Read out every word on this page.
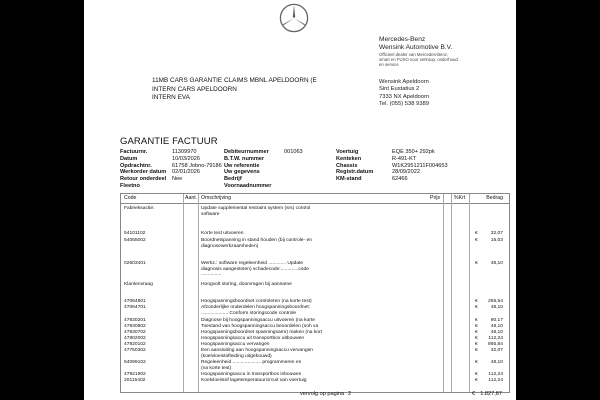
Mercedes-Benz
Wensink Automotive B.V.
Officieel dealer van Mercedes-Benz,
smart en FUSO voor verkoop, onderhoud
en service
Wensink Apeldoorn
Sint Eustatius 2
7333 NX Apeldoorn
Tel. (055) 538 9389
11MB CARS GARANTIE CLAIMS MBNL APELDOORN (E
INTERN CARS APELDOORN
INTERN EVA
GARANTIE FACTUUR
Factuurnr.	11309970
Datum	10/03/2026
Opdrachtnr.	61758 Jobno-79186
Werkorder datum 02/01/2026
Retour onderdeel Nee
Fleetno
Debiteurnummer	001063
B.T.W. nummer
Uw referentie
Uw gegevens
Bedrijf
Voornaadnummer
Voertuig	EQE 350+ 292pk
Kenteken	R-491-KT
Chassis	W1K2951211F004653
Registr.datum	28/09/2022
KM-stand	62466
Code	Aant. Omschrijving	Prijs	%Krt	Bedrag
Fabrieksactie:	Update supplemental restraint system (srs) control
software
54101102	Korte test uitvoeren	€	32,07
54065002	Boordnetspanning in stand houden (bij controle- en	€	16,03
diagnosewerkzaamheden)
02603401	Werkz.: software regeleenheid ............. Update	€	48,10
diagnosis aangestoten) schadecode:.............code
...............
Klantenvraag	Hoogvolt storing, doorvragen bij aanname
47064801	Hoogspanningsboordnet controleren (na korte test)	€ 256,54
47064701	Afzonderlijke onderdelen hoogspanningsboordnet:	€	48,10
.................... Conform storingscode controle
47930201	Diagnose bij hoogspanningsaccu uitvoeren (na korte	€	80,17
47930802	Toestand van hoogspanningsaccu beoordelen (soh va	€	48,10
47930702	Hoogspanningsboordnet spanningsarm) maken (na kort	€	48,10
47902002	Hoogspanningsaccu uit transportbox uitbouwen	€ 112,24
47920102	Hoogspanningsaccu vervangen	€ 865,84
47750302	Een aansluiting aan hoogspanningsaccu vervangen	€	32,07
(koelvloeistofleiding uitgebouwd)
54099102	Regeleenheid ..................... programmeren en	€	48,10
(na korte test)
47921902	Hoogspanningsaccu in transportbox inbouwen	€ 112,24
20115402	Koelvloeistof lagetemperatuurcircuit van voertuig	€ 112,24
vervolg op pagina 2	€ 1.827,87
